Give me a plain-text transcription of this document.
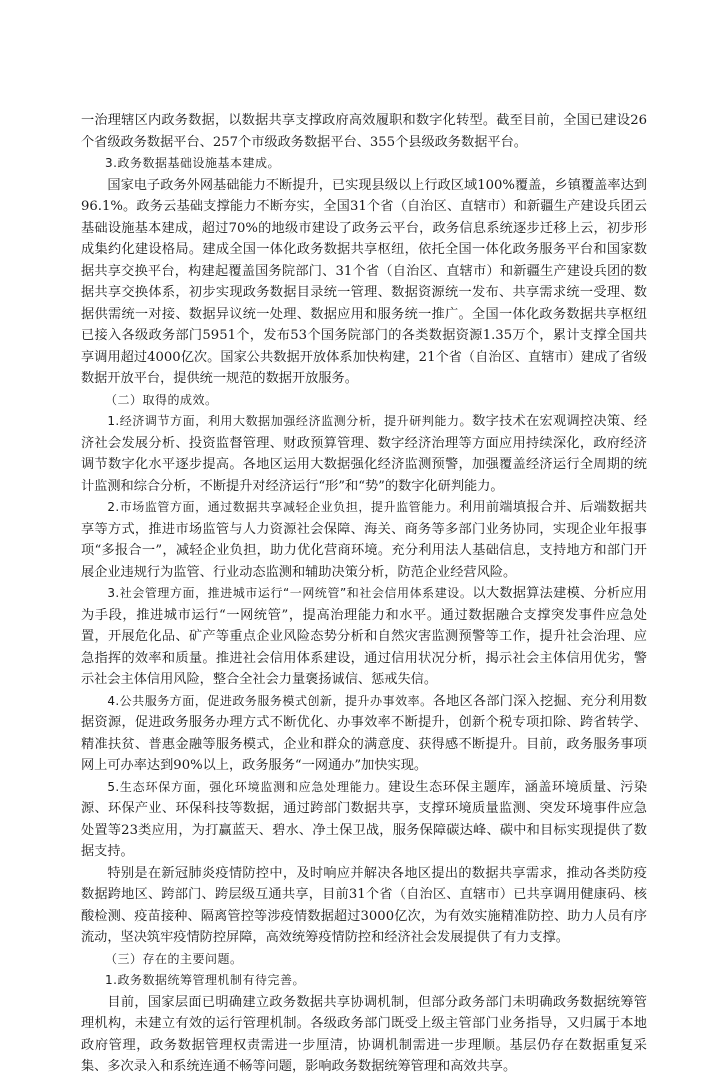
一治理辖区内政务数据，以数据共享支撑政府高效履职和数字化转型。截至目前，全国已建设26个省级政务数据平台、257个市级政务数据平台、355个县级政务数据平台。

3.政务数据基础设施基本建成。

国家电子政务外网基础能力不断提升，已实现县级以上行政区域100%覆盖，乡镇覆盖率达到96.1%。政务云基础支撑能力不断夯实，全国31个省（自治区、直辖市）和新疆生产建设兵团云基础设施基本建成，超过70%的地级市建设了政务云平台，政务信息系统逐步迁移上云，初步形成集约化建设格局。建成全国一体化政务数据共享枢纽，依托全国一体化政务服务平台和国家数据共享交换平台，构建起覆盖国务院部门、31个省（自治区、直辖市）和新疆生产建设兵团的数据共享交换体系，初步实现政务数据目录统一管理、数据资源统一发布、共享需求统一受理、数据供需统一对接、数据异议统一处理、数据应用和服务统一推广。全国一体化政务数据共享枢纽已接入各级政务部门5951个，发布53个国务院部门的各类数据资源1.35万个，累计支撑全国共享调用超过4000亿次。国家公共数据开放体系加快构建，21个省（自治区、直辖市）建成了省级数据开放平台，提供统一规范的数据开放服务。

（二）取得的成效。

1.经济调节方面，利用大数据加强经济监测分析，提升研判能力。数字技术在宏观调控决策、经济社会发展分析、投资监督管理、财政预算管理、数字经济治理等方面应用持续深化，政府经济调节数字化水平逐步提高。各地区运用大数据强化经济监测预警，加强覆盖经济运行全周期的统计监测和综合分析，不断提升对经济运行“形”和“势”的数字化研判能力。

2.市场监管方面，通过数据共享减轻企业负担，提升监管能力。利用前端填报合并、后端数据共享等方式，推进市场监管与人力资源社会保障、海关、商务等多部门业务协同，实现企业年报事项“多报合一”，减轻企业负担，助力优化营商环境。充分利用法人基础信息，支持地方和部门开展企业违规行为监管、行业动态监测和辅助决策分析，防范企业经营风险。

3.社会管理方面，推进城市运行“一网统管”和社会信用体系建设。以大数据算法建模、分析应用为手段，推进城市运行“一网统管”，提高治理能力和水平。通过数据融合支撑突发事件应急处置，开展危化品、矿产等重点企业风险态势分析和自然灾害监测预警等工作，提升社会治理、应急指挥的效率和质量。推进社会信用体系建设，通过信用状况分析，揭示社会主体信用优劣，警示社会主体信用风险，整合全社会力量褒扬诚信、惩戒失信。

4.公共服务方面，促进政务服务模式创新，提升办事效率。各地区各部门深入挖掘、充分利用数据资源，促进政务服务办理方式不断优化、办事效率不断提升，创新个税专项扣除、跨省转学、精准扶贫、普惠金融等服务模式，企业和群众的满意度、获得感不断提升。目前，政务服务事项网上可办率达到90%以上，政务服务“一网通办”加快实现。

5.生态环保方面，强化环境监测和应急处理能力。建设生态环保主题库，涵盖环境质量、污染源、环保产业、环保科技等数据，通过跨部门数据共享，支撑环境质量监测、突发环境事件应急处置等23类应用，为打赢蓝天、碧水、净土保卫战，服务保障碳达峰、碳中和目标实现提供了数据支持。

特别是在新冠肺炎疫情防控中，及时响应并解决各地区提出的数据共享需求，推动各类防疫数据跨地区、跨部门、跨层级互通共享，目前31个省（自治区、直辖市）已共享调用健康码、核酸检测、疫苗接种、隔离管控等涉疫情数据超过3000亿次，为有效实施精准防控、助力人员有序流动，坚决筑牢疫情防控屏障，高效统筹疫情防控和经济社会发展提供了有力支撑。

（三）存在的主要问题。

1.政务数据统筹管理机制有待完善。

目前，国家层面已明确建立政务数据共享协调机制，但部分政务部门未明确政务数据统筹管理机构，未建立有效的运行管理机制。各级政务部门既受上级主管部门业务指导，又归属于本地政府管理，政务数据管理权责需进一步厘清，协调机制需进一步理顺。基层仍存在数据重复采集、多次录入和系统连通不畅等问题，影响政务数据统筹管理和高效共享。
